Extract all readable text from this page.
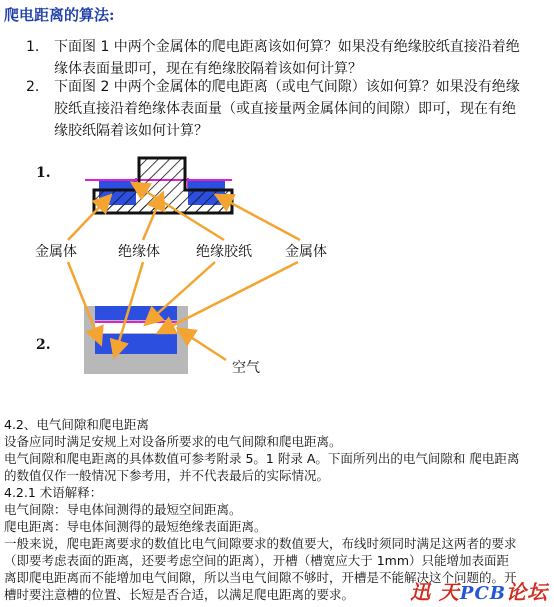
爬电距离的算法:
1. 下面图 1 中两个金属体的爬电距离该如何算？如果没有绝缘胶纸直接沿着绝
缘体表面量即可，现在有绝缘胶隔着该如何计算？
2. 下面图 2 中两个金属体的爬电距离（或电气间隙）该如何算？如果没有绝缘
胶纸直接沿着绝缘体表面量（或直接量两金属体间的间隙）即可，现在有绝
缘胶纸隔着该如何计算？
1.
金属体	绝缘体	绝缘胶纸 金属体
2.
空气

4.2、电气间隙和爬电距离

设备应同时满足安规上对设备所要求的电气间隙和爬电距离。

电气间隙和爬电距离的具体数值可参考附录 5。1 附录 A。下面所列出的电气间隙和 爬电距离

的数值仅作一般情况下参考用，并不代表最后的实际情况。

4.2.1 术语解释：

电气间隙：导电体间测得的最短空间距离。

爬电距离：导电体间测得的最短绝缘表面距离。

一般来说，爬电距离要求的数值比电气间隙要求的数值要大，布线时须同时满足这两者的要求

（即要考虑表面的距离，还要考虑空间的距离），开槽（槽宽应大于 1mm）只能增加表面距

离即爬电距离而不能增加电气间隙，所以当电气间隙不够时，开槽是不能解决这个问题的。开

槽时要注意槽的位置、长短是否合适，以满足爬电距离的要求。	迅 天PCB论坛
